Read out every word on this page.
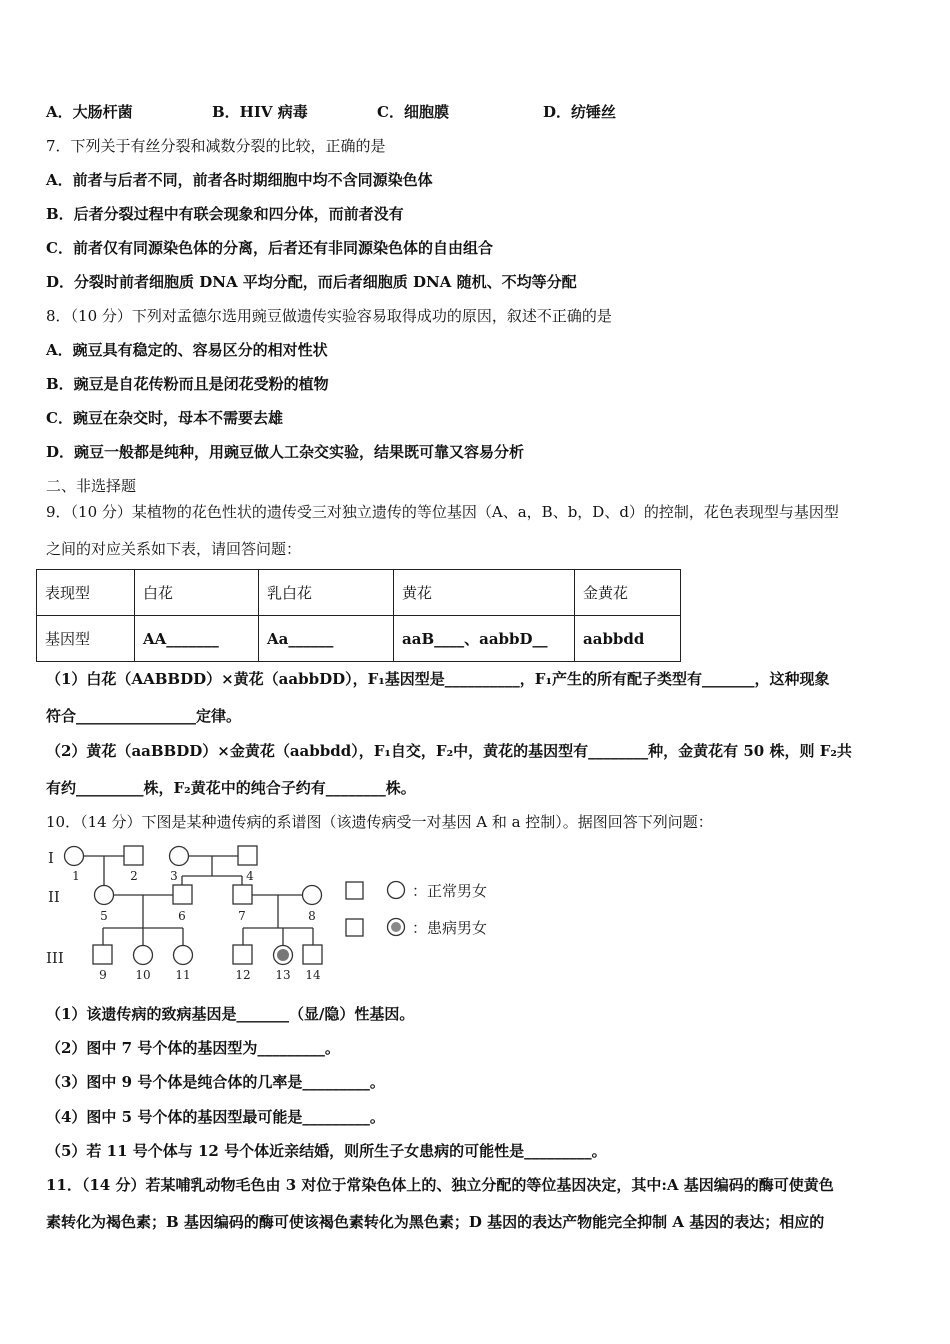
A．大肠杆菌	B．HIV 病毒	C．细胞膜	D．纺锤丝
7．下列关于有丝分裂和减数分裂的比较，正确的是
A．前者与后者不同，前者各时期细胞中均不含同源染色体
B．后者分裂过程中有联会现象和四分体，而前者没有
C．前者仅有同源染色体的分离，后者还有非同源染色体的自由组合
D．分裂时前者细胞质 DNA 平均分配，而后者细胞质 DNA 随机、不均等分配
8．（10 分）下列对孟德尔选用豌豆做遗传实验容易取得成功的原因，叙述不正确的是
A．豌豆具有稳定的、容易区分的相对性状
B．豌豆是自花传粉而且是闭花受粉的植物
C．豌豆在杂交时，母本不需要去雄
D．豌豆一般都是纯种，用豌豆做人工杂交实验，结果既可靠又容易分析
二、非选择题
9．（10 分）某植物的花色性状的遗传受三对独立遗传的等位基因（A、a，B、b，D、d）的控制，花色表现型与基因型
之间的对应关系如下表，请回答问题：
表现型	白花	乳白花	黄花	金黄花
基因型	AA_______	Aa______	aaB____、aabbD__	aabbdd
（1）白花（AABBDD）×黄花（aabbDD），F₁基因型是__________，F₁产生的所有配子类型有_______，这种现象
符合________________定律。
（2）黄花（aaBBDD）×金黄花（aabbdd），F₁自交，F₂中，黄花的基因型有________种，金黄花有 50 株，则 F₂共
有约_________株，F₂黄花中的纯合子约有________株。
10．（14 分）下图是某种遗传病的系谱图（该遗传病受一对基因 A 和 a 控制）。据图回答下列问题：
I
II
III
1	2	3	4
5	6	7	8
9 10 11	12 13 14
：正常男女
：患病男女
（1）该遗传病的致病基因是_______（显/隐）性基因。
（2）图中 7 号个体的基因型为_________。
（3）图中 9 号个体是纯合体的几率是_________。
（4）图中 5 号个体的基因型最可能是_________。
（5）若 11 号个体与 12 号个体近亲结婚，则所生子女患病的可能性是_________。
11．（14 分）若某哺乳动物毛色由 3 对位于常染色体上的、独立分配的等位基因决定，其中:A 基因编码的酶可使黄色
素转化为褐色素；B 基因编码的酶可使该褐色素转化为黑色素；D 基因的表达产物能完全抑制 A 基因的表达；相应的
